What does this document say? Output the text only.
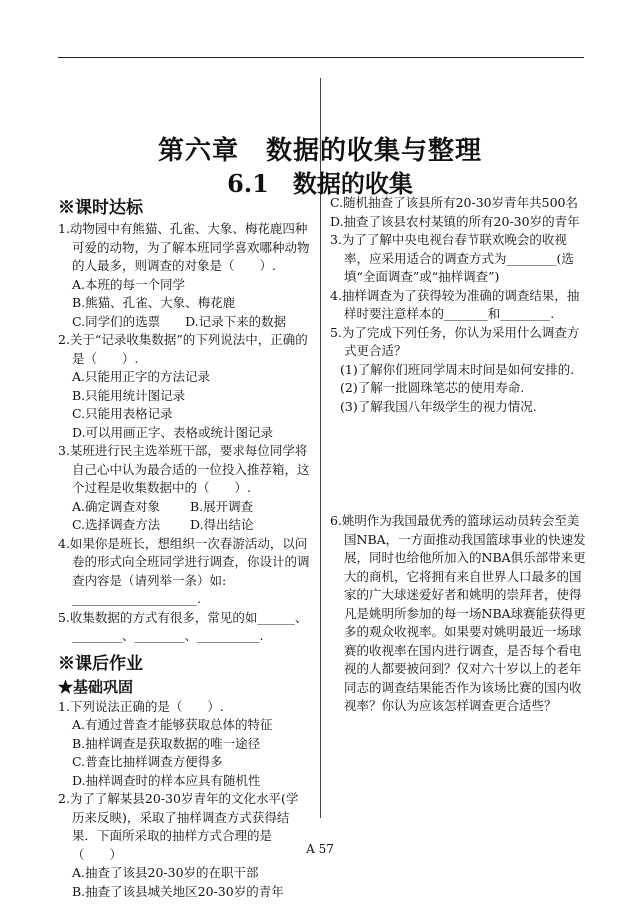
第六章　数据的收集与整理
6.1　数据的收集
※课时达标

1.动物园中有熊猫、孔雀、大象、梅花鹿四种可爱的动物，为了解本班同学喜欢哪种动物的人最多，则调查的对象是（　　）.

A.本班的每一个同学
B.熊猫、孔雀、大象、梅花鹿
C.同学们的选票　　D.记录下来的数据

2.关于“记录收集数据”的下列说法中，正确的是（　　）.

A.只能用正字的方法记录
B.只能用统计图记录
C.只能用表格记录
D.可以用画正字、表格或统计图记录

3.某班进行民主选举班干部，要求每位同学将自己心中认为最合适的一位投入推荐箱，这个过程是收集数据中的（　　）.

A.确定调查对象 B.展开调查
C.选择调查方法 D.得出结论

4.如果你是班长，想组织一次春游活动，以问卷的形式向全班同学进行调查，你设计的调查内容是（请列举一条）如:

____________________.

5.收集数据的方式有很多，常见的如______、________、________、__________.

※课后作业
★基础巩固

1.下列说法正确的是（　　）.

A.有通过普查才能够获取总体的特征
B.抽样调查是获取数据的唯一途径
C.普查比抽样调查方便得多
D.抽样调查时的样本应具有随机性

2.为了了解某县20-30岁青年的文化水平(学历来反映)，采取了抽样调查方式获得结果．下面所采取的抽样方式合理的是（　　）

A.抽查了该县20-30岁的在职干部
B.抽查了该县城关地区20-30岁的青年

C.随机抽查了该县所有20-30岁青年共500名

D.抽查了该县农村某镇的所有20-30岁的青年

3.为了了解中央电视台春节联欢晚会的收视率，应采用适合的调查方式为________(选填“全面调查”或“抽样调查”)

4.抽样调查为了获得较为准确的调查结果，抽样时要注意样本的_______和________.

5.为了完成下列任务，你认为采用什么调查方式更合适？

(1)了解你们班同学周末时间是如何安排的.

(2)了解一批圆珠笔芯的使用寿命.

(3)了解我国八年级学生的视力情况.

6.姚明作为我国最优秀的篮球运动员转会至美国NBA，一方面推动我国篮球事业的快速发展，同时也给他所加入的NBA俱乐部带来更大的商机，它将拥有来自世界人口最多的国家的广大球迷爱好者和姚明的崇拜者，使得凡是姚明所参加的每一场NBA球赛能获得更多的观众收视率。如果要对姚明最近一场球赛的收视率在国内进行调查，是否每个看电视的人都要被问到？仅对六十岁以上的老年同志的调查结果能否作为该场比赛的国内收视率？你认为应该怎样调查更合适些？

A 57
